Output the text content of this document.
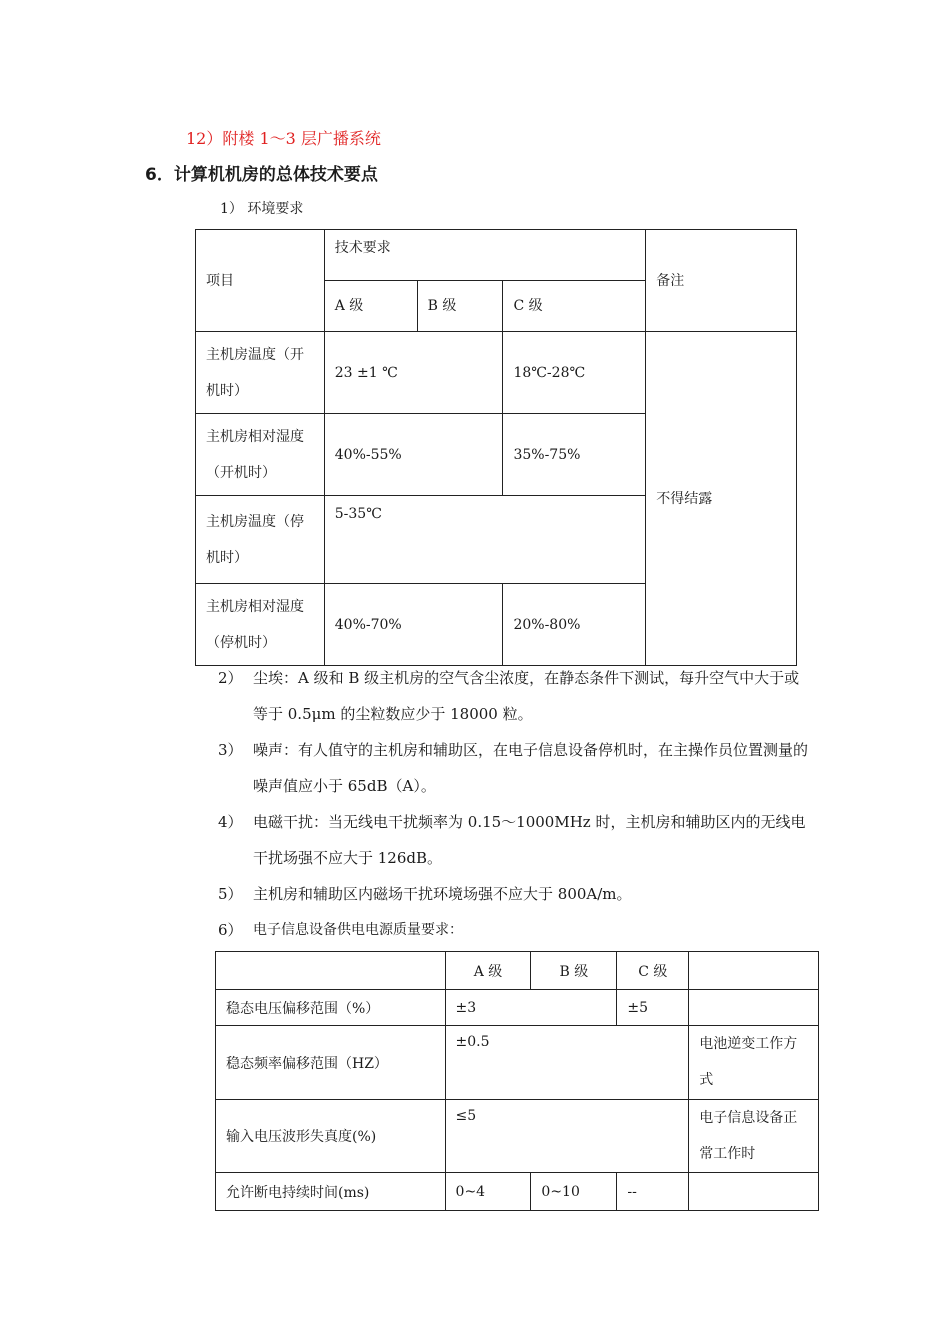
12）附楼 1～3 层广播系统
6．计算机机房的总体技术要点
1） 环境要求
项目	技术要求			备注
	A 级	B 级	C 级	
主机房温度（开机时）	23 ±1 ℃		18℃-28℃	不得结露
主机房相对湿度（开机时）	40%-55%		35%-75%	
主机房温度（停机时）	5-35℃			
主机房相对湿度（停机时）	40%-70%		20%-80%	
2） 尘埃：A 级和 B 级主机房的空气含尘浓度，在静态条件下测试，每升空气中大于或等于 0.5μm 的尘粒数应少于 18000 粒。
3） 噪声：有人值守的主机房和辅助区，在电子信息设备停机时，在主操作员位置测量的噪声值应小于 65dB（A）。
4） 电磁干扰：当无线电干扰频率为 0.15～1000MHz 时，主机房和辅助区内的无线电干扰场强不应大于 126dB。
5） 主机房和辅助区内磁场干扰环境场强不应大于 800A/m。
6） 电子信息设备供电电源质量要求：
	A 级	B 级	C 级	
稳态电压偏移范围（%）	±3		±5	
稳态频率偏移范围（HZ）	±0.5			电池逆变工作方式
输入电压波形失真度(%)	≤5			电子信息设备正常工作时
允许断电持续时间(ms)	0~4	0~10	--	
